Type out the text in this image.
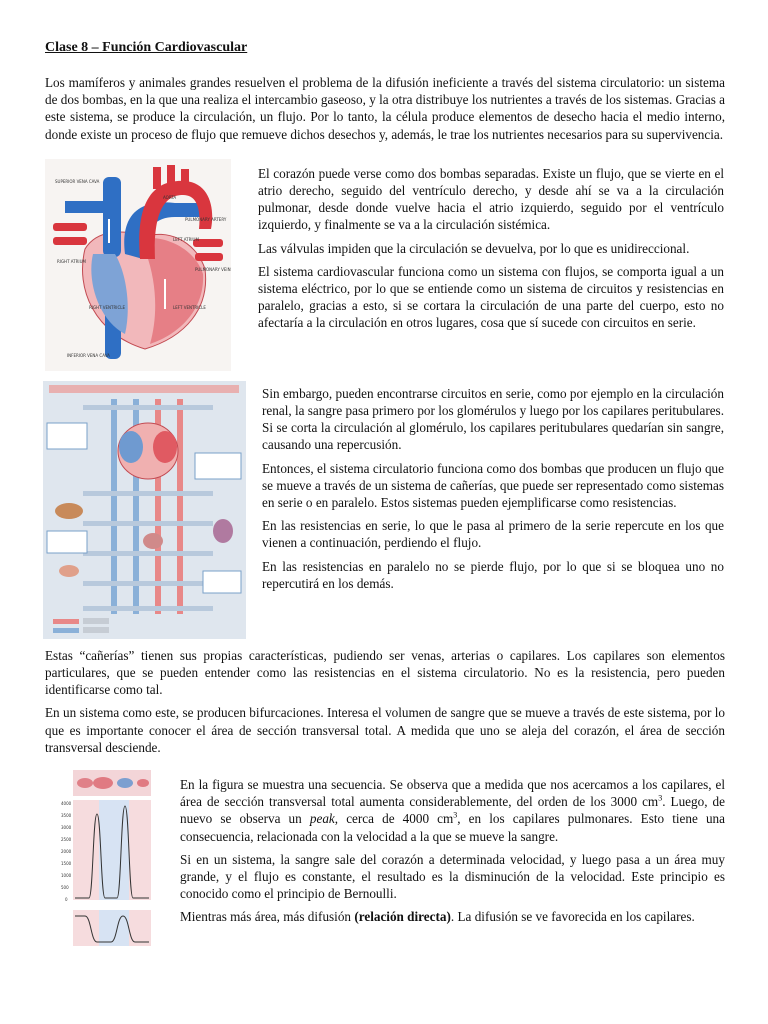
Clase 8 – Función Cardiovascular

Los mamíferos y animales grandes resuelven el problema de la difusión ineficiente a través del sistema circulatorio: un sistema de dos bombas, en la que una realiza el intercambio gaseoso, y la otra distribuye los nutrientes a través de los sistemas. Gracias a este sistema, se produce la circulación, un flujo. Por lo tanto, la célula produce elementos de desecho hacia el medio interno, donde existe un proceso de flujo que remueve dichos desechos y, además, le trae los nutrientes necesarios para su supervivencia.

SUPERIOR VENA CAVA
AORTA
PULMONARY ARTERY
LEFT ATRIUM
PULMONARY VEINS
RIGHT ATRIUM
RIGHT VENTRICLE	LEFT VENTRICLE
INFERIOR VENA CAVA

El corazón puede verse como dos bombas separadas. Existe un flujo, que se vierte en el atrio derecho, seguido del ventrículo derecho, y desde ahí se va a la circulación pulmonar, desde donde vuelve hacia el atrio izquierdo, seguido por el ventrículo izquierdo, y finalmente se va a la circulación sistémica.

Las válvulas impiden que la circulación se devuelva, por lo que es unidireccional.

El sistema cardiovascular funciona como un sistema con flujos, se comporta igual a un sistema eléctrico, por lo que se entiende como un sistema de circuitos y resistencias en paralelo, gracias a esto, si se cortara la circulación de una parte del cuerpo, esto no afectaría a la circulación en otros lugares, cosa que sí sucede con circuitos en serie.

Sin embargo, pueden encontrarse circuitos en serie, como por ejemplo en la circulación renal, la sangre pasa primero por los glomérulos y luego por los capilares peritubulares. Si se corta la circulación al glomérulo, los capilares peritubulares quedarían sin sangre, causando una repercusión.

Entonces, el sistema circulatorio funciona como dos bombas que producen un flujo que se mueve a través de un sistema de cañerías, que puede ser representado como sistemas en serie o en paralelo. Estos sistemas pueden ejemplificarse como resistencias.

En las resistencias en serie, lo que le pasa al primero de la serie repercute en los que vienen a continuación, perdiendo el flujo.

En las resistencias en paralelo no se pierde flujo, por lo que si se bloquea uno no repercutirá en los demás.

Estas “cañerías” tienen sus propias características, pudiendo ser venas, arterias o capilares. Los capilares son elementos particulares, que se pueden entender como las resistencias en el sistema circulatorio. No es la resistencia, pero pueden identificarse como tal.

En un sistema como este, se producen bifurcaciones. Interesa el volumen de sangre que se mueve a través de este sistema, por lo que es importante conocer el área de sección transversal total. A medida que uno se aleja del corazón, el área de sección transversal desciende.

4000
3500
3000
2500
2000
1500
1000
500
0

En la figura se muestra una secuencia. Se observa que a medida que nos acercamos a los capilares, el área de sección transversal total aumenta considerablemente, del orden de los 3000 $cm^3$. Luego, de nuevo se observa un peak, cerca de 4000 $cm^3$, en los capilares pulmonares. Esto tiene una consecuencia, relacionada con la velocidad a la que se mueve la sangre.

Si en un sistema, la sangre sale del corazón a determinada velocidad, y luego pasa a un área muy grande, y el flujo es constante, el resultado es la disminución de la velocidad. Este principio es conocido como el principio de Bernoulli.

Mientras más área, más difusión (relación directa). La difusión se ve favorecida en los capilares.
